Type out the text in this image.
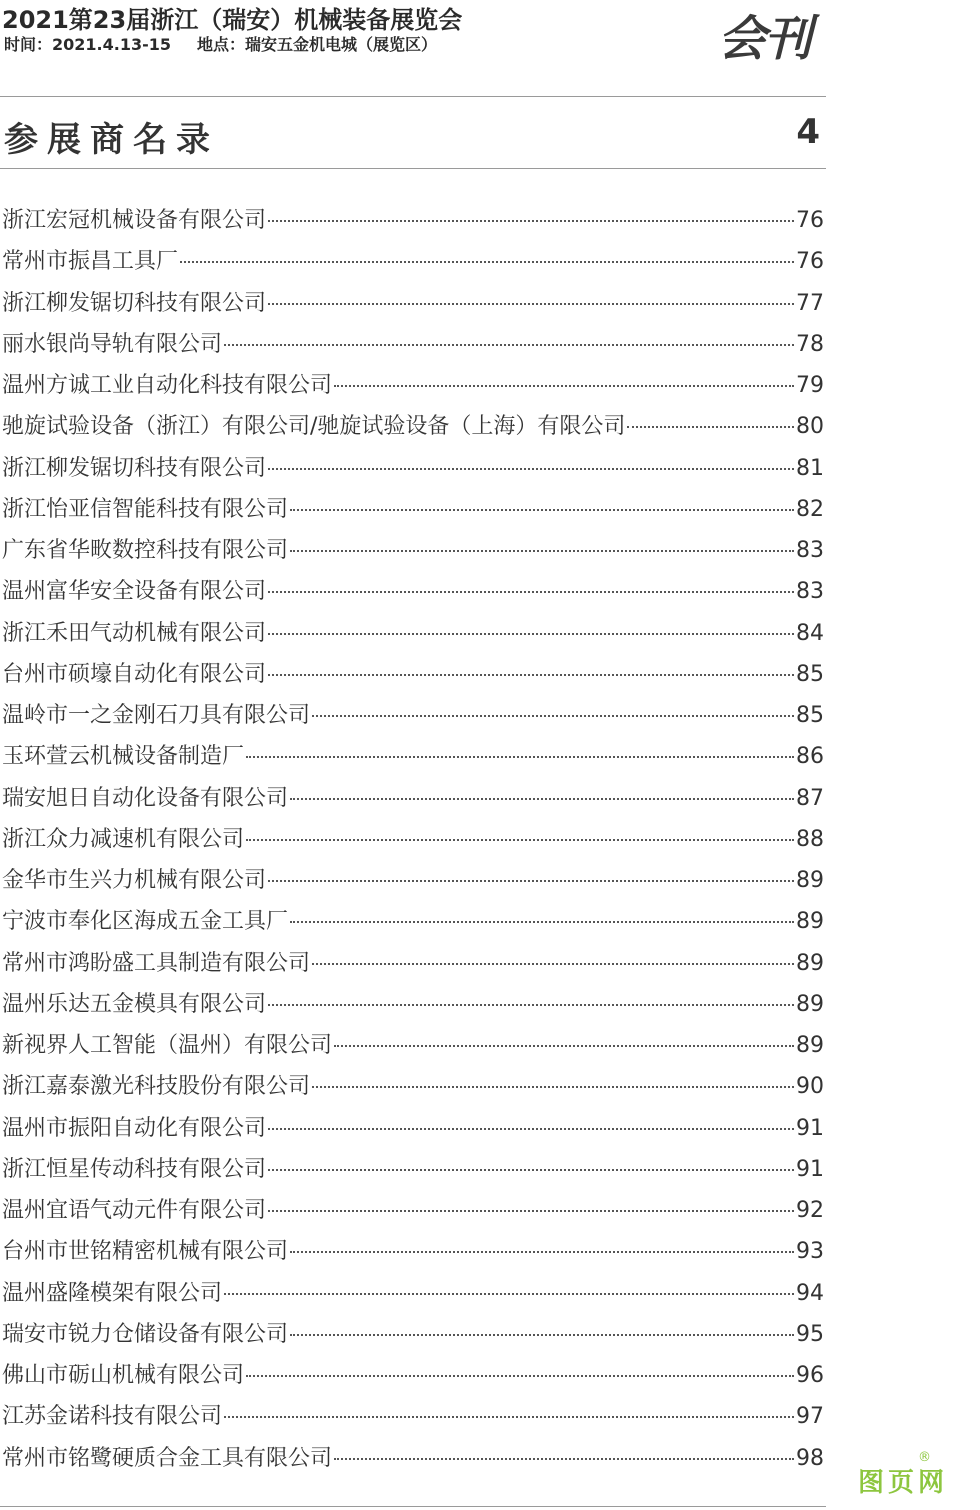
2021第23届浙江（瑞安）机械装备展览会
时间：2021.4.13-15 地点：瑞安五金机电城（展览区）	会刊
参展商名录	4
浙江宏冠机械设备有限公司	76
常州市振昌工具厂	76
浙江柳发锯切科技有限公司	77
丽水银尚导轨有限公司	78
温州方诚工业自动化科技有限公司	79
驰旋试验设备（浙江）有限公司/驰旋试验设备（上海）有限公司	80
浙江柳发锯切科技有限公司	81
浙江怡亚信智能科技有限公司	82
广东省华畋数控科技有限公司	83
温州富华安全设备有限公司	83
浙江禾田气动机械有限公司	84
台州市硕壕自动化有限公司	85
温岭市一之金刚石刀具有限公司	85
玉环萱云机械设备制造厂	86
瑞安旭日自动化设备有限公司	87
浙江众力减速机有限公司	88
金华市生兴力机械有限公司	89
宁波市奉化区海成五金工具厂	89
常州市鸿盼盛工具制造有限公司	89
温州乐达五金模具有限公司	89
新视界人工智能（温州）有限公司	89
浙江嘉泰激光科技股份有限公司	90
温州市振阳自动化有限公司	91
浙江恒星传动科技有限公司	91
温州宜语气动元件有限公司	92
台州市世铭精密机械有限公司	93
温州盛隆模架有限公司	94
瑞安市锐力仓储设备有限公司	95
佛山市砺山机械有限公司	96
江苏金诺科技有限公司	97
常州市铭鹭硬质合金工具有限公司	98
图页网
®
